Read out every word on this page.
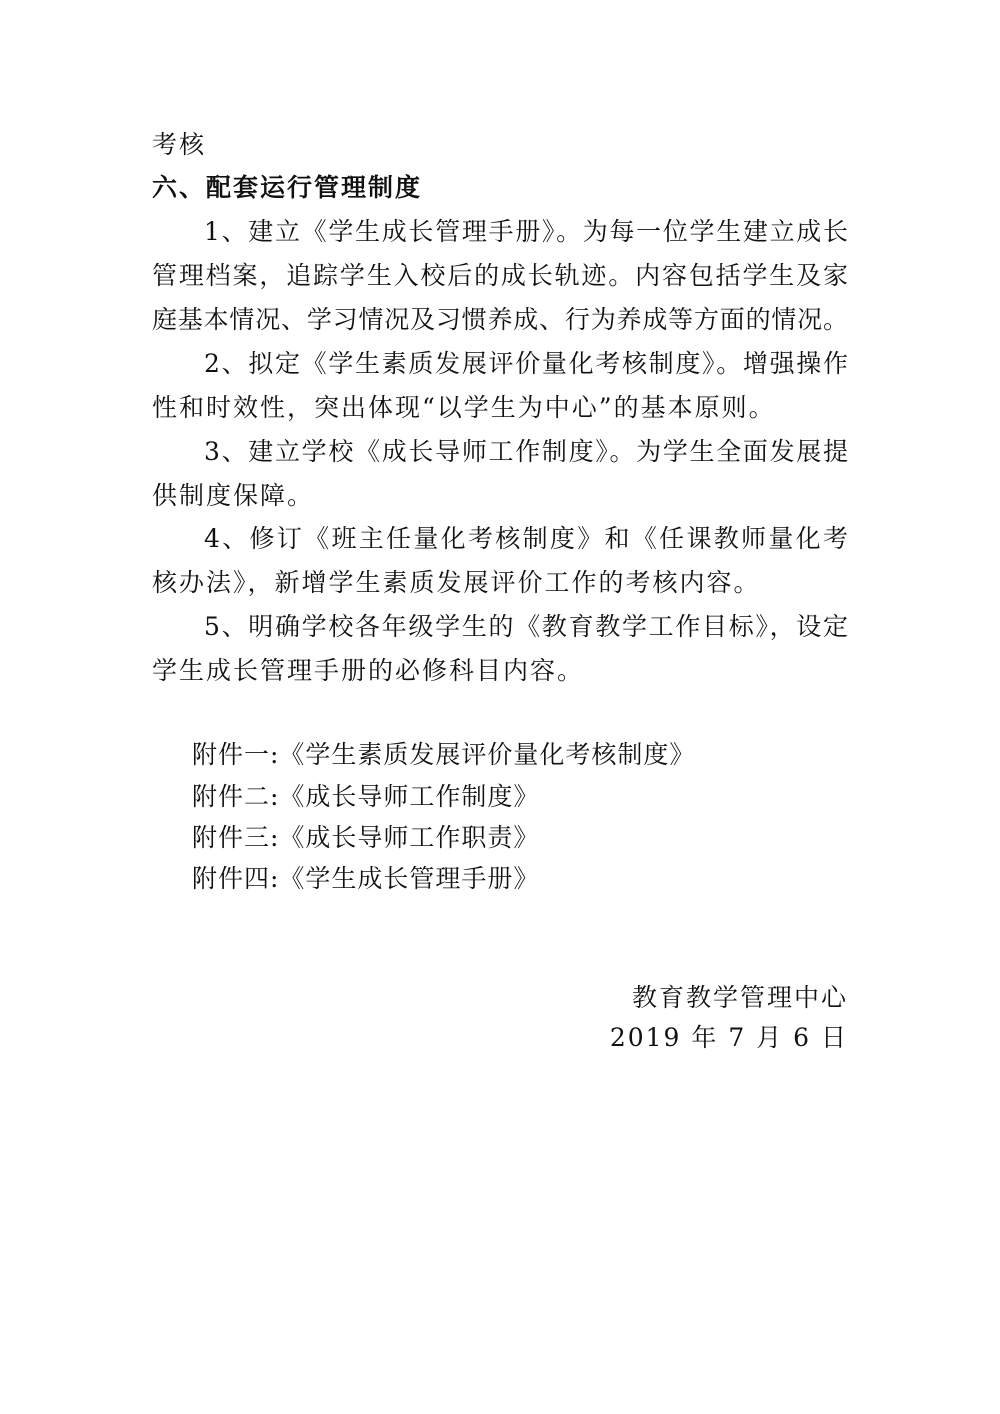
考核
六、配套运行管理制度
1、建立《学生成长管理手册》。为每一位学生建立成长
管理档案，追踪学生入校后的成长轨迹。内容包括学生及家
庭基本情况、学习情况及习惯养成、行为养成等方面的情况。
2、拟定《学生素质发展评价量化考核制度》。增强操作
性和时效性，突出体现“以学生为中心”的基本原则。
3、建立学校《成长导师工作制度》。为学生全面发展提
供制度保障。
4、修订《班主任量化考核制度》和《任课教师量化考
核办法》，新增学生素质发展评价工作的考核内容。
5、明确学校各年级学生的《教育教学工作目标》，设定
学生成长管理手册的必修科目内容。
附件一:《学生素质发展评价量化考核制度》
附件二:《成长导师工作制度》
附件三:《成长导师工作职责》
附件四:《学生成长管理手册》
教育教学管理中心
2019 年 7 月 6 日
